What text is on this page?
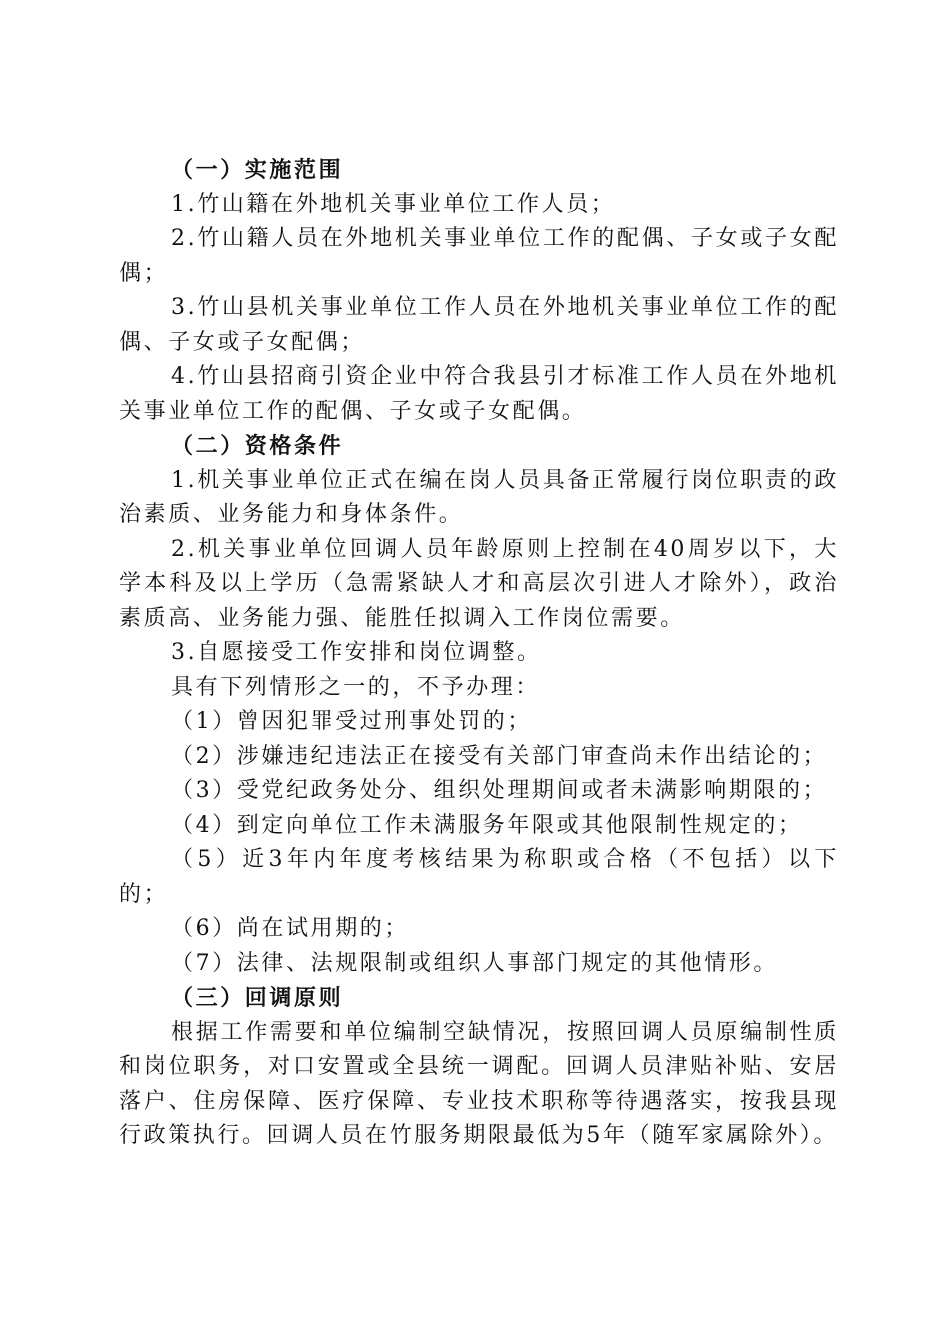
（一）实施范围

1.竹山籍在外地机关事业单位工作人员；

2.竹山籍人员在外地机关事业单位工作的配偶、子女或子女配偶；

3.竹山县机关事业单位工作人员在外地机关事业单位工作的配偶、子女或子女配偶；

4.竹山县招商引资企业中符合我县引才标准工作人员在外地机关事业单位工作的配偶、子女或子女配偶。

（二）资格条件

1.机关事业单位正式在编在岗人员具备正常履行岗位职责的政治素质、业务能力和身体条件。

2.机关事业单位回调人员年龄原则上控制在40周岁以下，大学本科及以上学历（急需紧缺人才和高层次引进人才除外），政治素质高、业务能力强、能胜任拟调入工作岗位需要。

3.自愿接受工作安排和岗位调整。

具有下列情形之一的，不予办理：

（1）曾因犯罪受过刑事处罚的；

（2）涉嫌违纪违法正在接受有关部门审查尚未作出结论的；

（3）受党纪政务处分、组织处理期间或者未满影响期限的；

（4）到定向单位工作未满服务年限或其他限制性规定的；

（5）近3年内年度考核结果为称职或合格（不包括）以下的；

（6）尚在试用期的；

（7）法律、法规限制或组织人事部门规定的其他情形。

（三）回调原则

根据工作需要和单位编制空缺情况，按照回调人员原编制性质和岗位职务，对口安置或全县统一调配。回调人员津贴补贴、安居落户、住房保障、医疗保障、专业技术职称等待遇落实，按我县现行政策执行。回调人员在竹服务期限最低为5年（随军家属除外）。
